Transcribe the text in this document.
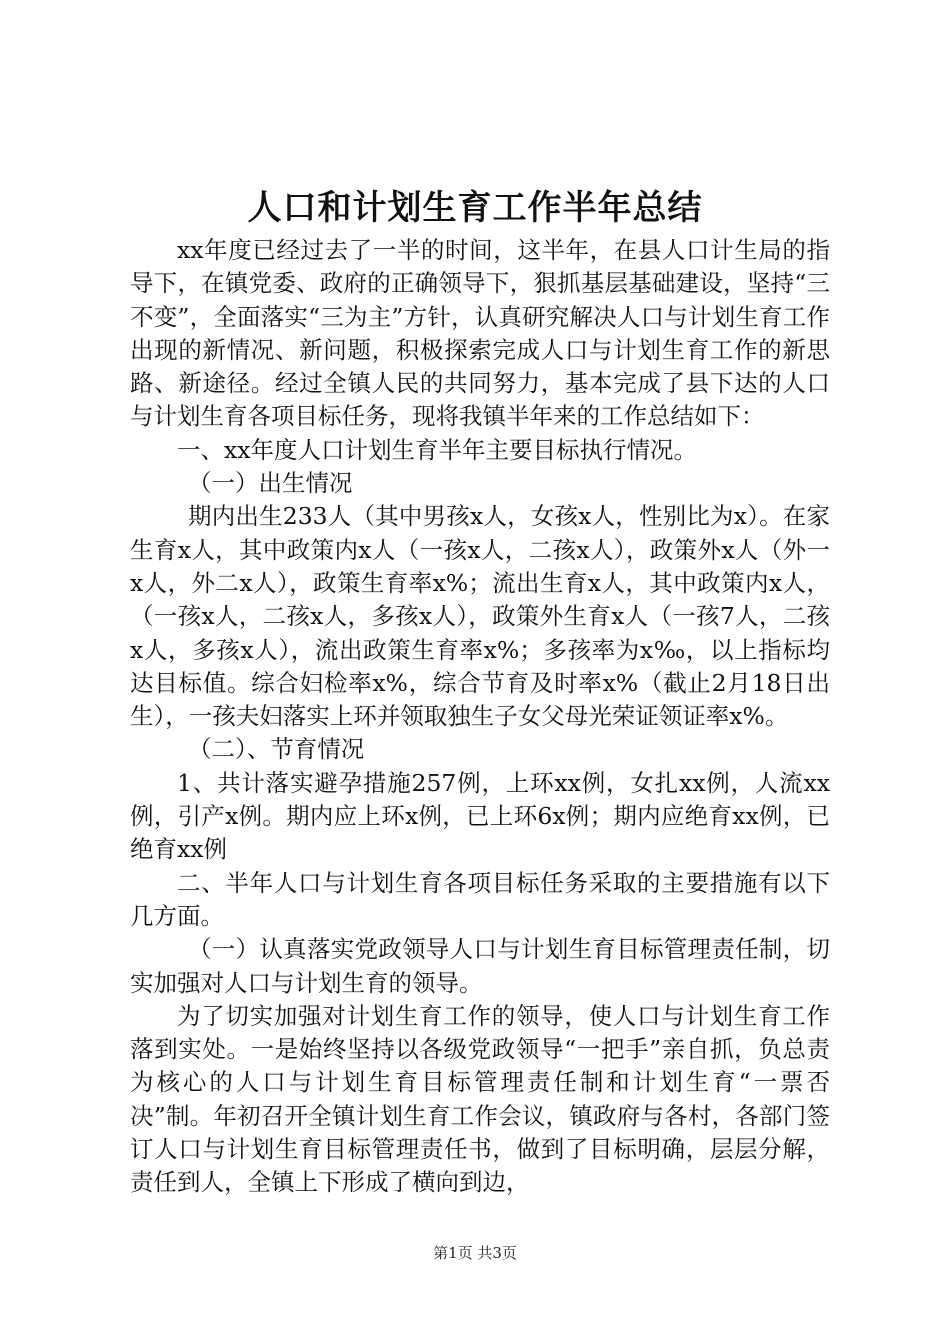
人口和计划生育工作半年总结

xx年度已经过去了一半的时间，这半年，在县人口计生局的指导下，在镇党委、政府的正确领导下，狠抓基层基础建设，坚持“三不变”，全面落实“三为主”方针，认真研究解决人口与计划生育工作出现的新情况、新问题，积极探索完成人口与计划生育工作的新思路、新途径。经过全镇人民的共同努力，基本完成了县下达的人口与计划生育各项目标任务，现将我镇半年来的工作总结如下：

一、xx年度人口计划生育半年主要目标执行情况。

（一）出生情况

期内出生233人（其中男孩x人，女孩x人，性别比为x）。在家生育x人，其中政策内x人（一孩x人，二孩x人），政策外x人（外一x人，外二x人），政策生育率x%；流出生育x人，其中政策内x人，（一孩x人，二孩x人，多孩x人），政策外生育x人（一孩7人，二孩x人，多孩x人），流出政策生育率x%；多孩率为x‰，以上指标均达目标值。综合妇检率x%，综合节育及时率x%（截止2月18日出生），一孩夫妇落实上环并领取独生子女父母光荣证领证率x%。

（二）、节育情况

1、共计落实避孕措施257例，上环xx例，女扎xx例，人流xx例，引产x例。期内应上环x例，已上环6x例；期内应绝育xx例，已绝育xx例

二、半年人口与计划生育各项目标任务采取的主要措施有以下几方面。

（一）认真落实党政领导人口与计划生育目标管理责任制，切实加强对人口与计划生育的领导。

为了切实加强对计划生育工作的领导，使人口与计划生育工作落到实处。一是始终坚持以各级党政领导“一把手”亲自抓，负总责为核心的人口与计划生育目标管理责任制和计划生育“一票否决”制。年初召开全镇计划生育工作会议，镇政府与各村，各部门签订人口与计划生育目标管理责任书，做到了目标明确，层层分解，责任到人，全镇上下形成了横向到边，

第1页 共3页
